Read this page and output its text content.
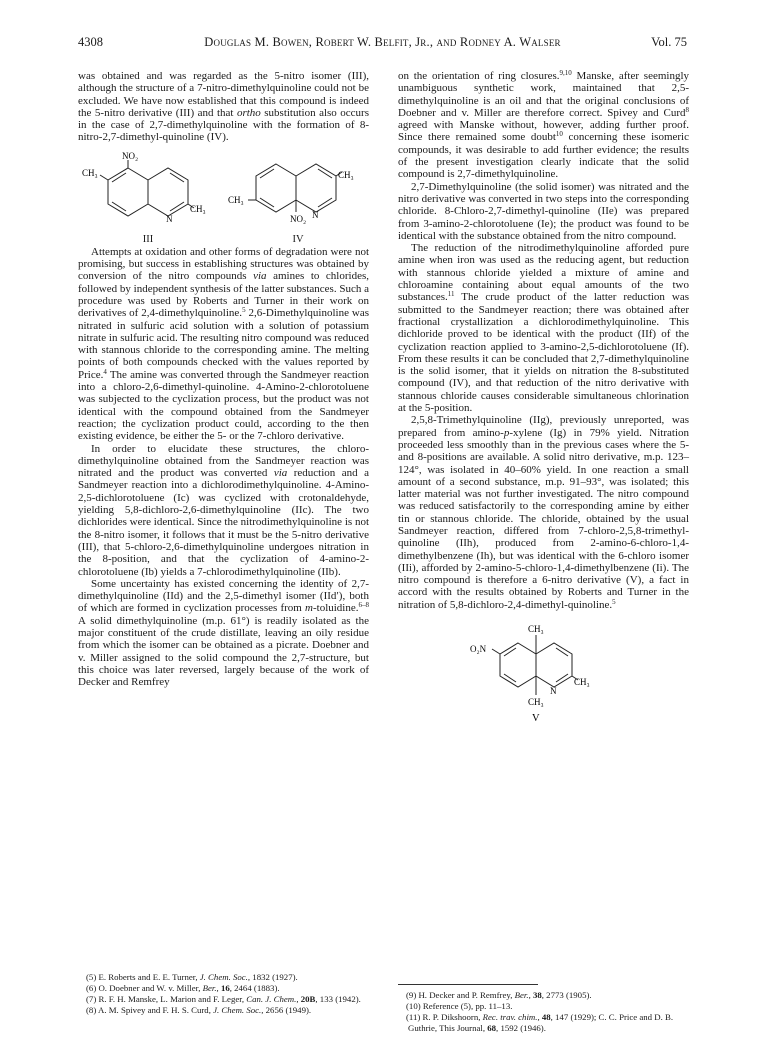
4308	Douglas M. Bowen, Robert W. Belfit, Jr., and Rodney A. Walser	Vol. 75

was obtained and was regarded as the 5-nitro isomer (III), although the structure of a 7-nitro-dimethylquinoline could not be excluded. We have now established that this compound is indeed the 5-nitro derivative (III) and that ortho substitution also occurs in the case of 2,7-dimethylquinoline with the formation of 8-nitro-2,7-dimethyl-quinoline (IV).

NO₂
CH₃
N
CH₃
III
CH₃
NO₂ N
CH₃
IV

Attempts at oxidation and other forms of degradation were not promising, but success in establishing structures was obtained by conversion of the nitro compounds via amines to chlorides, followed by independent synthesis of the latter substances. Such a procedure was used by Roberts and Turner in their work on derivatives of 2,4-dimethylquinoline.$^5$ 2,6-Dimethylquinoline was nitrated in sulfuric acid solution with a solution of potassium nitrate in sulfuric acid. The resulting nitro compound was reduced with stannous chloride to the corresponding amine. The melting points of both compounds checked with the values reported by Price.$^4$ The amine was converted through the Sandmeyer reaction into a chloro-2,6-dimethyl-quinoline. 4-Amino-2-chlorotoluene was subjected to the cyclization process, but the product was not identical with the compound obtained from the Sandmeyer reaction; the cyclization product could, according to the then existing evidence, be either the 5- or the 7-chloro derivative.

In order to elucidate these structures, the chloro-dimethylquinoline obtained from the Sandmeyer reaction was nitrated and the product was converted via reduction and a Sandmeyer reaction into a dichlorodimethylquinoline. 4-Amino-2,5-dichlorotoluene (Ic) was cyclized with crotonaldehyde, yielding 5,8-dichloro-2,6-dimethylquinoline (IIc). The two dichlorides were identical. Since the nitrodimethylquinoline is not the 8-nitro isomer, it follows that it must be the 5-nitro derivative (III), that 5-chloro-2,6-dimethylquinoline undergoes nitration in the 8-position, and that the cyclization of 4-amino-2-chlorotoluene (Ib) yields a 7-chlorodimethylquinoline (IIb).

Some uncertainty has existed concerning the identity of 2,7-dimethylquinoline (IId) and the 2,5-dimethyl isomer (IId′), both of which are formed in cyclization processes from m-toluidine.$^{6-8}$ A solid dimethylquinoline (m.p. 61°) is readily isolated as the major constituent of the crude distillate, leaving an oily residue from which the isomer can be obtained as a picrate. Doebner and v. Miller assigned to the solid compound the 2,7-structure, but this choice was later reversed, largely because of the work of Decker and Remfrey

on the orientation of ring closures.$^{9,10}$ Manske, after seemingly unambiguous synthetic work, maintained that 2,5-dimethylquinoline is an oil and that the original conclusions of Doebner and v. Miller are therefore correct. Spivey and Curd$^8$ agreed with Manske without, however, adding further proof. Since there remained some doubt$^{10}$ concerning these isomeric compounds, it was desirable to add further evidence; the results of the present investigation clearly indicate that the solid compound is 2,7-dimethylquinoline.

2,7-Dimethylquinoline (the solid isomer) was nitrated and the nitro derivative was converted in two steps into the corresponding chloride. 8-Chloro-2,7-dimethyl-quinoline (IIe) was prepared from 3-amino-2-chlorotoluene (Ie); the product was found to be identical with the substance obtained from the nitro compound.

The reduction of the nitrodimethylquinoline afforded pure amine when iron was used as the reducing agent, but reduction with stannous chloride yielded a mixture of amine and chloroamine containing about equal amounts of the two substances.$^{11}$ The crude product of the latter reduction was submitted to the Sandmeyer reaction; there was obtained after fractional crystallization a dichlorodimethylquinoline. This dichloride proved to be identical with the product (IIf) of the cyclization reaction applied to 3-amino-2,5-dichlorotoluene (If). From these results it can be concluded that 2,7-dimethylquinoline is the solid isomer, that it yields on nitration the 8-substituted compound (IV), and that reduction of the nitro derivative with stannous chloride causes considerable simultaneous chlorination at the 5-position.

2,5,8-Trimethylquinoline (IIg), previously unreported, was prepared from amino-p-xylene (Ig) in 79% yield. Nitration proceeded less smoothly than in the previous cases where the 5- and 8-positions are available. A solid nitro derivative, m.p. 123–124°, was isolated in 40–60% yield. In one reaction a small amount of a second substance, m.p. 91–93°, was isolated; this latter material was not further investigated. The nitro compound was reduced satisfactorily to the corresponding amine by either tin or stannous chloride. The chloride, obtained by the usual Sandmeyer reaction, differed from 7-chloro-2,5,8-trimethyl-quinoline (IIh), produced from 2-amino-6-chloro-1,4-dimethylbenzene (Ih), but was identical with the 6-chloro isomer (IIi), afforded by 2-amino-5-chloro-1,4-dimethylbenzene (Ii). The nitro compound is therefore a 6-nitro derivative (V), a fact in accord with the results obtained by Roberts and Turner in the nitration of 5,8-dichloro-2,4-dimethyl-quinoline.$^5$

CH₃
O₂N
N
CH₃
CH₃
V

(5) E. Roberts and E. E. Turner, J. Chem. Soc., 1832 (1927).

(6) O. Doebner and W. v. Miller, Ber., 16, 2464 (1883).

(7) R. F. H. Manske, L. Marion and F. Leger, Can. J. Chem., 20B, 133 (1942).

(8) A. M. Spivey and F. H. S. Curd, J. Chem. Soc., 2656 (1949).

(9) H. Decker and P. Remfrey, Ber., 38, 2773 (1905).

(10) Reference (5), pp. 11–13.

(11) R. P. Dikshoorn, Rec. trav. chim., 48, 147 (1929); C. C. Price and D. B. Guthrie, This Journal, 68, 1592 (1946).
